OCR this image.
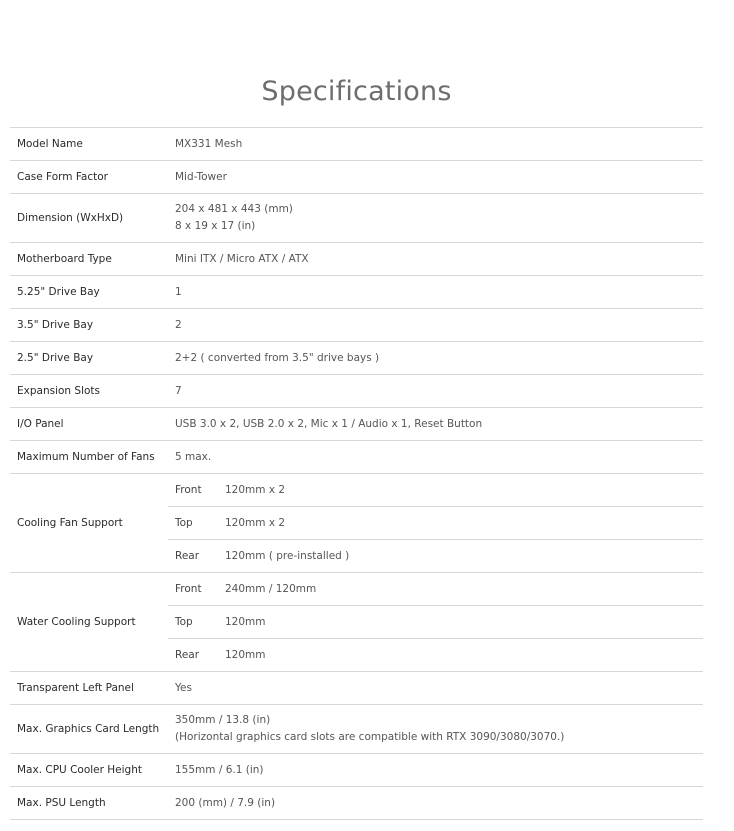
Specifications
Model Name	MX331 Mesh	
Case Form Factor	Mid-Tower	
Dimension (WxHxD)	204 x 481 x 443 (mm)
8 x 19 x 17 (in)	

Motherboard Type	Mini ITX / Micro ATX / ATX	
5.25" Drive Bay	1	
3.5" Drive Bay	2	
2.5" Drive Bay	2+2 ( converted from 3.5" drive bays )	
Expansion Slots	7	
I/O Panel	USB 3.0 x 2, USB 2.0 x 2, Mic x 1 / Audio x 1, Reset Button	
Maximum Number of Fans	5 max.	
Cooling Fan Support	Front	120mm x 2
	Top	120mm x 2
	Rear	120mm ( pre-installed )
Water Cooling Support	Front	240mm / 120mm
	Top	120mm
	Rear	120mm
Transparent Left Panel	Yes	
Max. Graphics Card Length	350mm / 13.8 (in)
(Horizontal graphics card slots are compatible with RTX 3090/3080/3070.)	

Max. CPU Cooler Height	155mm / 6.1 (in)	
Max. PSU Length	200 (mm) / 7.9 (in)	
